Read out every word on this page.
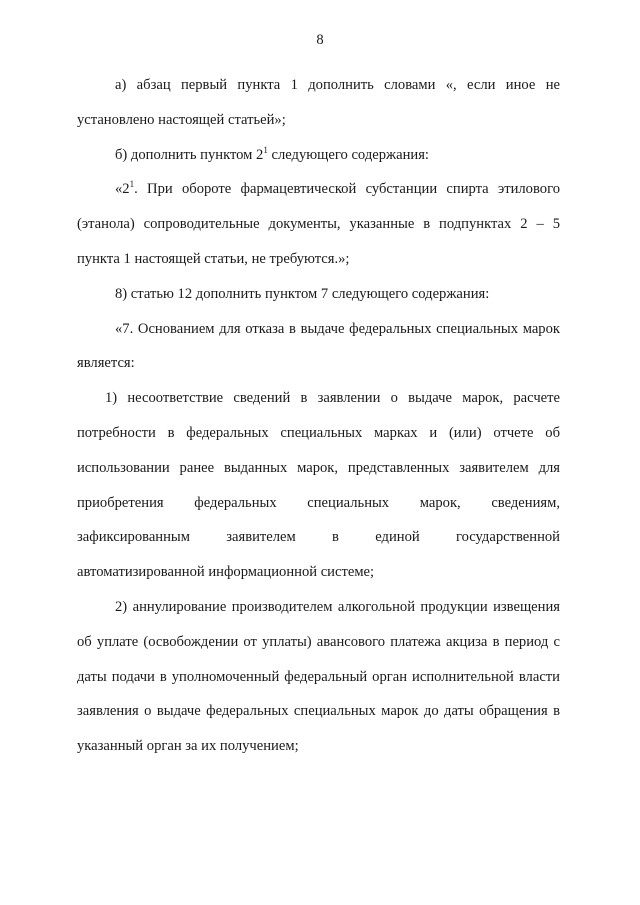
8

а) абзац первый пункта 1 дополнить словами «, если иное не установлено настоящей статьей»;

б) дополнить пунктом $2^1$ следующего содержания:

«$2^1$. При обороте фармацевтической субстанции спирта этилового (этанола) сопроводительные документы, указанные в подпунктах 2 – 5 пункта 1 настоящей статьи, не требуются.»;

8) статью 12 дополнить пунктом 7 следующего содержания:

«7. Основанием для отказа в выдаче федеральных специальных марок является:

1) несоответствие сведений в заявлении о выдаче марок, расчете потребности в федеральных специальных марках и (или) отчете об использовании ранее выданных марок, представленных заявителем для приобретения федеральных специальных марок, сведениям, зафиксированным заявителем в единой государственной автоматизированной информационной системе;

2) аннулирование производителем алкогольной продукции извещения об уплате (освобождении от уплаты) авансового платежа акциза в период с даты подачи в уполномоченный федеральный орган исполнительной власти заявления о выдаче федеральных специальных марок до даты обращения в указанный орган за их получением;
